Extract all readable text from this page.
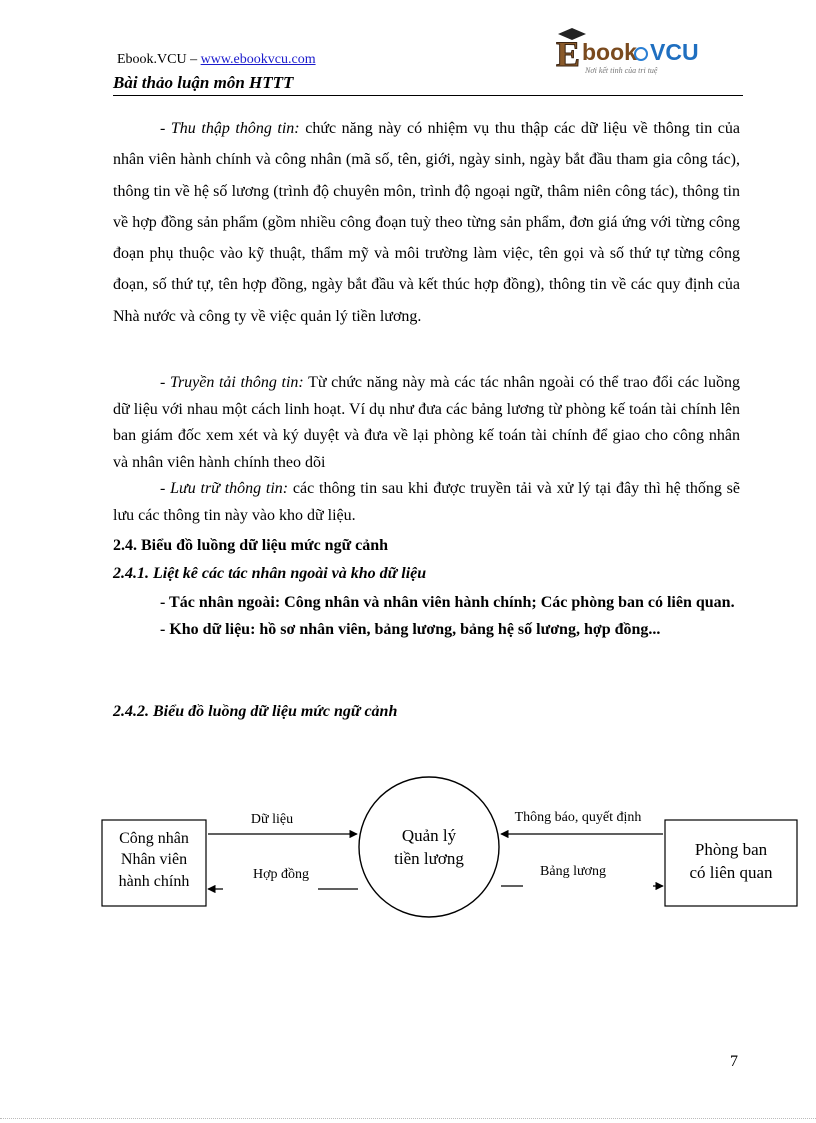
Ebook.VCU – www.ebookvcu.com
Bài thảo luận môn HTTT
E book VCU
Nơi kết tinh của tri tuệ

- Thu thập thông tin: chức năng này có nhiệm vụ thu thập các dữ liệu về thông tin của nhân viên hành chính và công nhân (mã số, tên, giới, ngày sinh, ngày bắt đầu tham gia công tác), thông tin về hệ số lương (trình độ chuyên môn, trình độ ngoại ngữ, thâm niên công tác), thông tin về hợp đồng sản phẩm (gồm nhiều công đoạn tuỳ theo từng sản phẩm, đơn giá ứng với từng công đoạn phụ thuộc vào kỹ thuật, thẩm mỹ và môi trường làm việc, tên gọi và số thứ tự từng công đoạn, số thứ tự, tên hợp đồng, ngày bắt đầu và kết thúc hợp đồng), thông tin về các quy định của Nhà nước và công ty về việc quản lý tiền lương.

- Truyền tải thông tin: Từ chức năng này mà các tác nhân ngoài có thể trao đổi các luồng dữ liệu với nhau một cách linh hoạt. Ví dụ như đưa các bảng lương từ phòng kế toán tài chính lên ban giám đốc xem xét và ký duyệt và đưa về lại phòng kế toán tài chính để giao cho công nhân và nhân viên hành chính theo dõi

- Lưu trữ thông tin: các thông tin sau khi được truyền tải và xử lý tại đây thì hệ thống sẽ lưu các thông tin này vào kho dữ liệu.

2.4. Biểu đồ luồng dữ liệu mức ngữ cảnh
2.4.1. Liệt kê các tác nhân ngoài và kho dữ liệu

- Tác nhân ngoài: Công nhân và nhân viên hành chính; Các phòng ban có liên quan.

- Kho dữ liệu: hồ sơ nhân viên, bảng lương, bảng hệ số lương, hợp đồng...

2.4.2. Biểu đồ luồng dữ liệu mức ngữ cảnh
Công nhân
Nhân viên
hành chính
Quản lý
tiền lương	Phòng ban
có liên quan
Dữ liệu
Hợp đồng
Thông báo, quyết định
Bảng lương
7
